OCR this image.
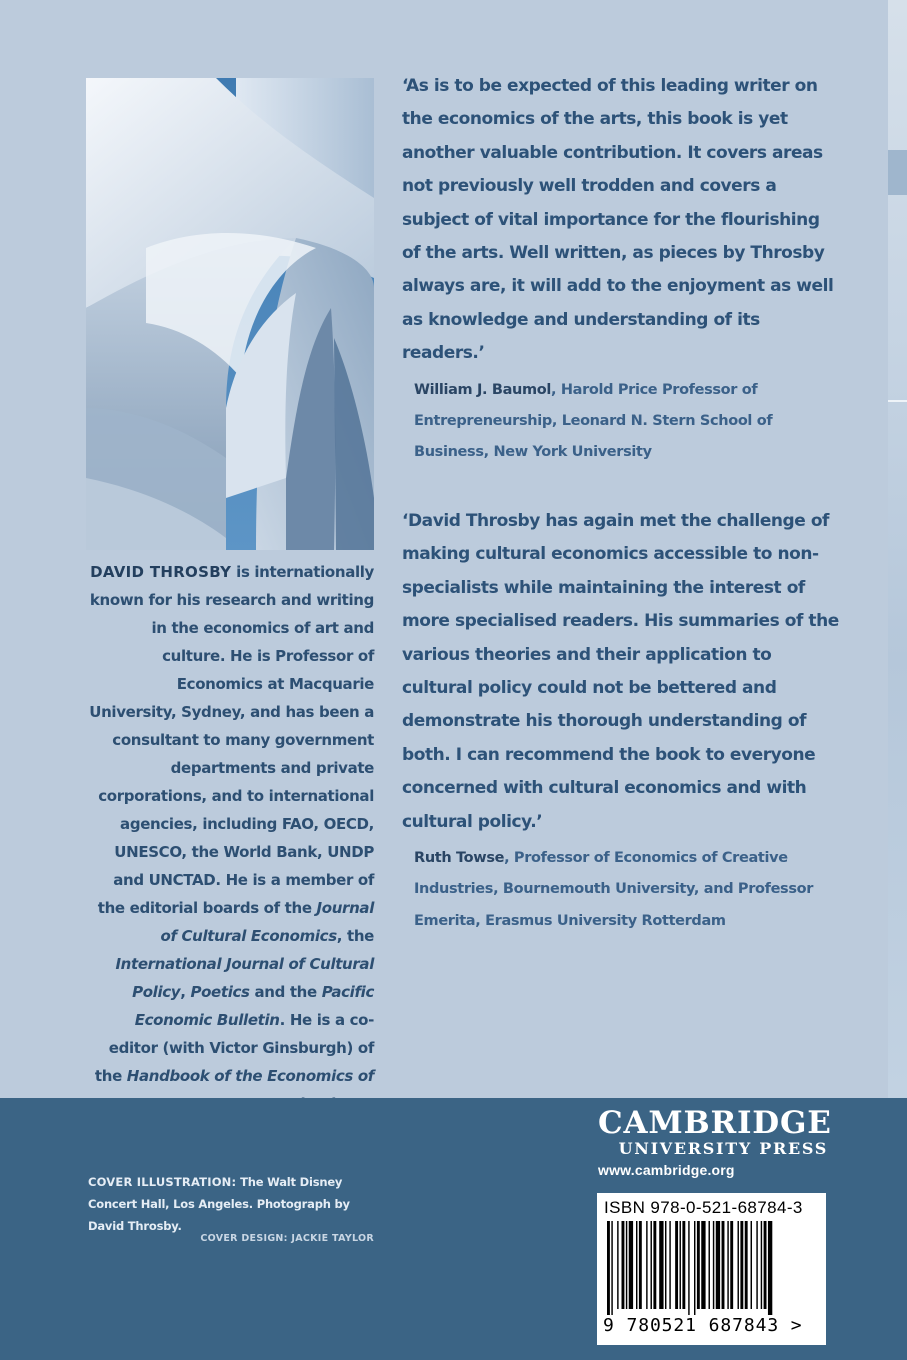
DAVID THROSBY is internationally known for his research and writing in the economics of art and culture. He is Professor of Economics at Macquarie University, Sydney, and has been a consultant to many government departments and private corporations, and to international agencies, including FAO, OECD, UNESCO, the World Bank, UNDP and UNCTAD. He is a member of the editorial boards of the Journal of Cultural Economics, the International Journal of Cultural Policy, Poetics and the Pacific Economic Bulletin. He is a co-editor (with Victor Ginsburgh) of the Handbook of the Economics of

‘As is to be expected of this leading writer on the economics of the arts, this book is yet another valuable contribution. It covers areas not previously well trodden and covers a subject of vital importance for the flourishing of the arts. Well written, as pieces by Throsby always are, it will add to the enjoyment as well as knowledge and understanding of its readers.’

William J. Baumol, Harold Price Professor of Entrepreneurship, Leonard N. Stern School of Business, New York University

‘David Throsby has again met the challenge of making cultural economics accessible to non-specialists while maintaining the interest of more specialised readers. His summaries of the various theories and their application to cultural policy could not be bettered and demonstrate his thorough understanding of both. I can recommend the book to everyone concerned with cultural economics and with cultural policy.’

Ruth Towse, Professor of Economics of Creative Industries, Bournemouth University, and Professor Emerita, Erasmus University Rotterdam
COVER ILLUSTRATION: The Walt Disney Concert Hall, Los Angeles. Photograph by David Throsby.
COVER DESIGN: JACKIE TAYLOR
CAMBRIDGE
UNIVERSITY PRESS
www.cambridge.org
ISBN 978-0-521-68784-3
9 780521 687843 >
